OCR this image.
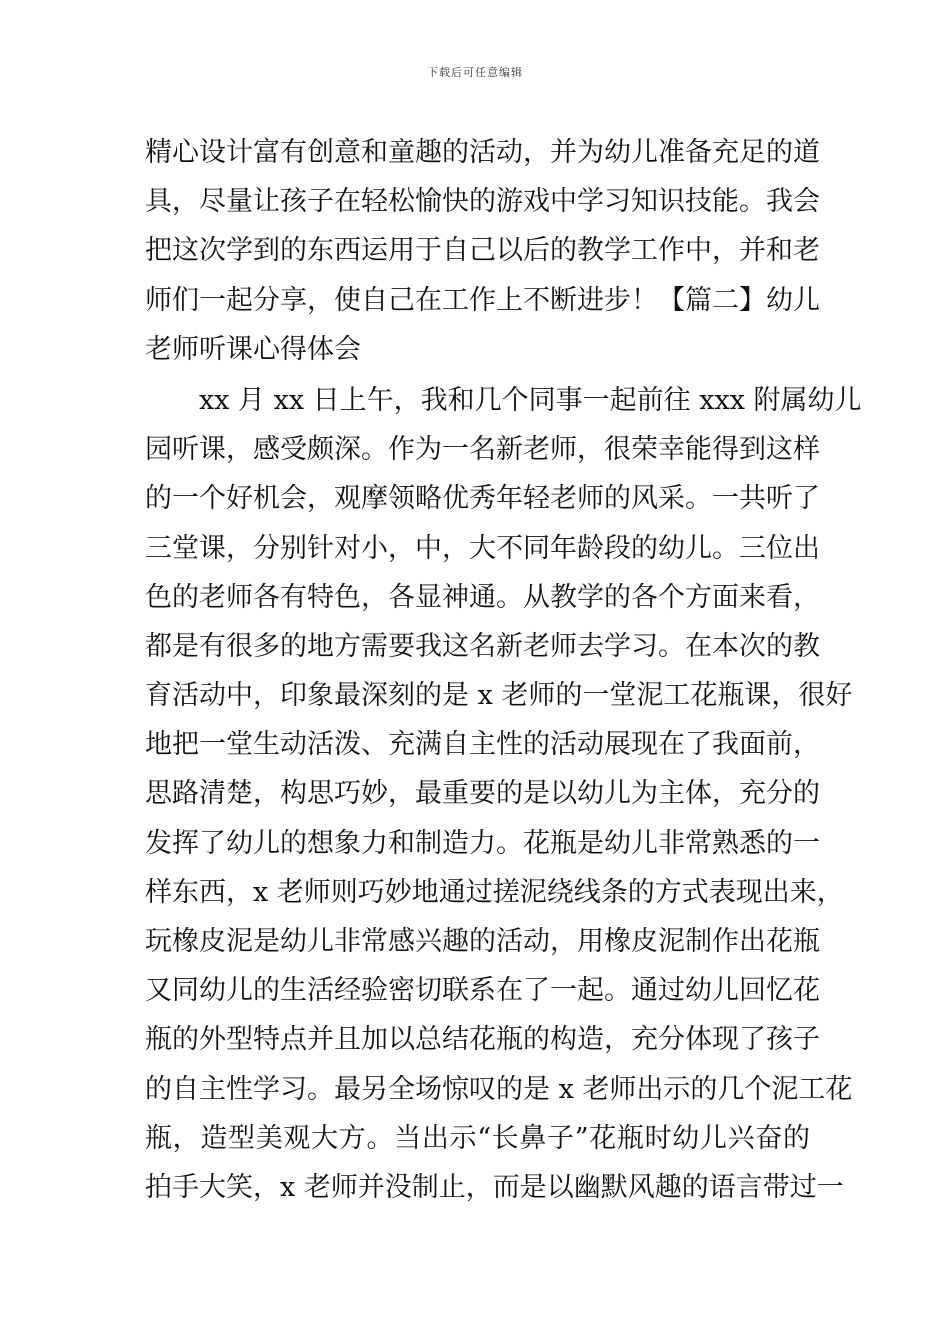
下载后可任意编辑
精心设计富有创意和童趣的活动，并为幼儿准备充足的道
具，尽量让孩子在轻松愉快的游戏中学习知识技能。我会
把这次学到的东西运用于自己以后的教学工作中，并和老
师们一起分享，使自己在工作上不断进步！【篇二】幼儿
老师听课心得体会
　　xx 月 xx 日上午，我和几个同事一起前往 xxx 附属幼儿
园听课，感受颇深。作为一名新老师，很荣幸能得到这样
的一个好机会，观摩领略优秀年轻老师的风采。一共听了
三堂课，分别针对小，中，大不同年龄段的幼儿。三位出
色的老师各有特色，各显神通。从教学的各个方面来看，
都是有很多的地方需要我这名新老师去学习。在本次的教
育活动中，印象最深刻的是 x 老师的一堂泥工花瓶课，很好
地把一堂生动活泼、充满自主性的活动展现在了我面前，
思路清楚，构思巧妙，最重要的是以幼儿为主体，充分的
发挥了幼儿的想象力和制造力。花瓶是幼儿非常熟悉的一
样东西，x 老师则巧妙地通过搓泥绕线条的方式表现出来，
玩橡皮泥是幼儿非常感兴趣的活动，用橡皮泥制作出花瓶
又同幼儿的生活经验密切联系在了一起。通过幼儿回忆花
瓶的外型特点并且加以总结花瓶的构造，充分体现了孩子
的自主性学习。最另全场惊叹的是 x 老师出示的几个泥工花
瓶，造型美观大方。当出示“长鼻子”花瓶时幼儿兴奋的
拍手大笑，x 老师并没制止，而是以幽默风趣的语言带过一
